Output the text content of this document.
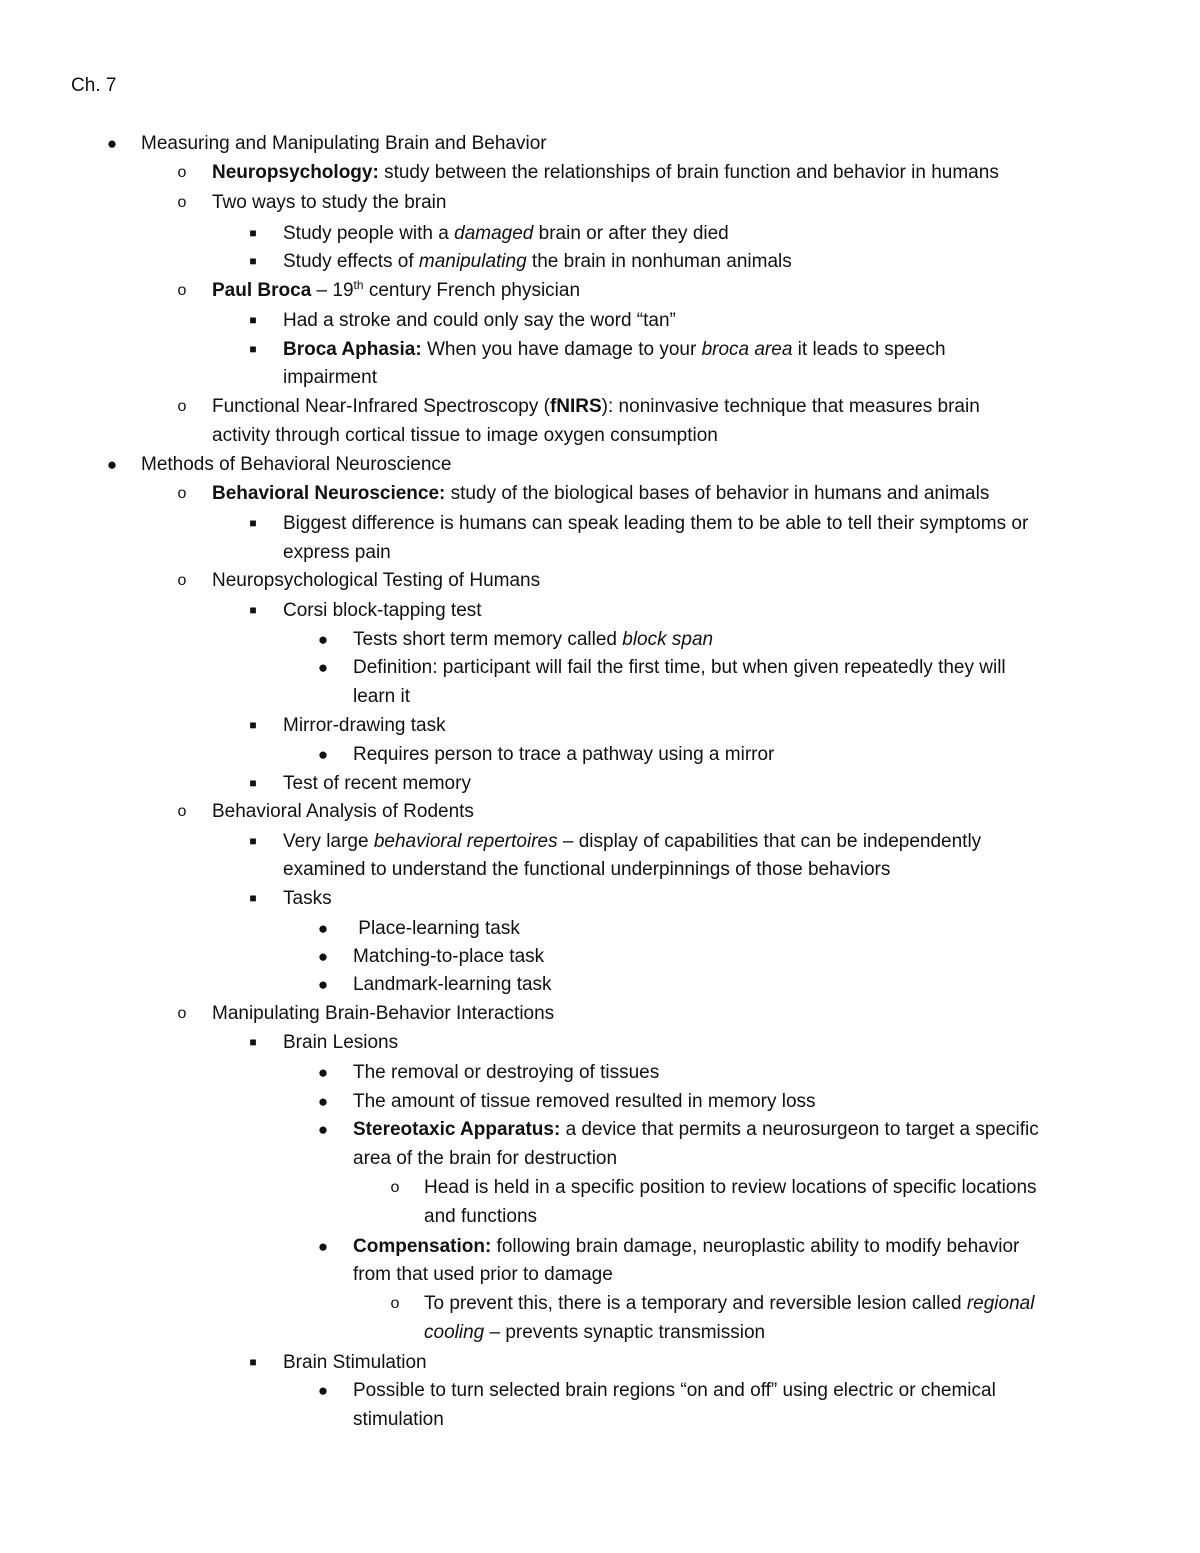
Ch. 7
● Measuring and Manipulating Brain and Behavior
o Neuropsychology: study between the relationships of brain function and behavior in humans
o Two ways to study the brain
■ Study people with a damaged brain or after they died
■ Study effects of manipulating the brain in nonhuman animals
o Paul Broca – 19th century French physician
■ Had a stroke and could only say the word “tan”
■ Broca Aphasia: When you have damage to your broca area it leads to speech
impairment
o Functional Near-Infrared Spectroscopy (fNIRS): noninvasive technique that measures brain
activity through cortical tissue to image oxygen consumption
● Methods of Behavioral Neuroscience
o Behavioral Neuroscience: study of the biological bases of behavior in humans and animals
■ Biggest difference is humans can speak leading them to be able to tell their symptoms or
express pain
o Neuropsychological Testing of Humans
■ Corsi block-tapping test
● Tests short term memory called block span
● Definition: participant will fail the first time, but when given repeatedly they will
learn it
■ Mirror-drawing task
● Requires person to trace a pathway using a mirror
■ Test of recent memory
o Behavioral Analysis of Rodents
■ Very large behavioral repertoires – display of capabilities that can be independently
examined to understand the functional underpinnings of those behaviors
■ Tasks
● Place-learning task
● Matching-to-place task
● Landmark-learning task
o Manipulating Brain-Behavior Interactions
■ Brain Lesions
● The removal or destroying of tissues
● The amount of tissue removed resulted in memory loss
● Stereotaxic Apparatus: a device that permits a neurosurgeon to target a specific
area of the brain for destruction
o Head is held in a specific position to review locations of specific locations
and functions
● Compensation: following brain damage, neuroplastic ability to modify behavior
from that used prior to damage
o To prevent this, there is a temporary and reversible lesion called regional
cooling – prevents synaptic transmission
■ Brain Stimulation
● Possible to turn selected brain regions “on and off” using electric or chemical
stimulation
